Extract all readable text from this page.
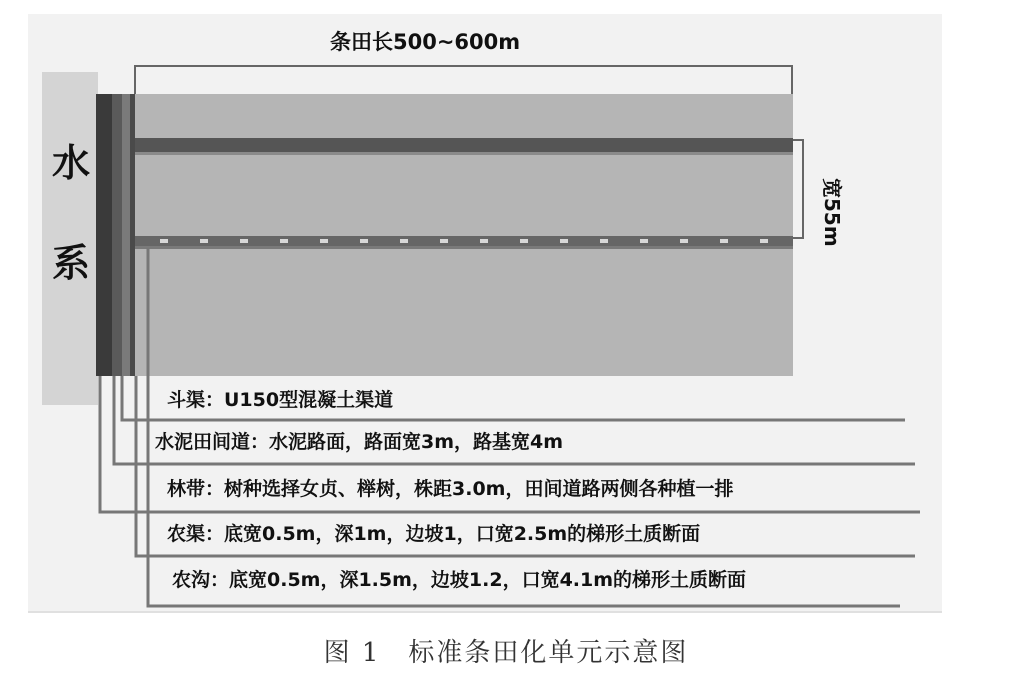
水
系
条田长500~600m
宽55m
斗渠：U150型混凝土渠道
水泥田间道：水泥路面，路面宽3m，路基宽4m
林带：树种选择女贞、榉树，株距3.0m，田间道路两侧各种植一排
农渠：底宽0.5m，深1m，边坡1，口宽2.5m的梯形土质断面
农沟：底宽0.5m，深1.5m，边坡1.2，口宽4.1m的梯形土质断面
图 1　标准条田化单元示意图
